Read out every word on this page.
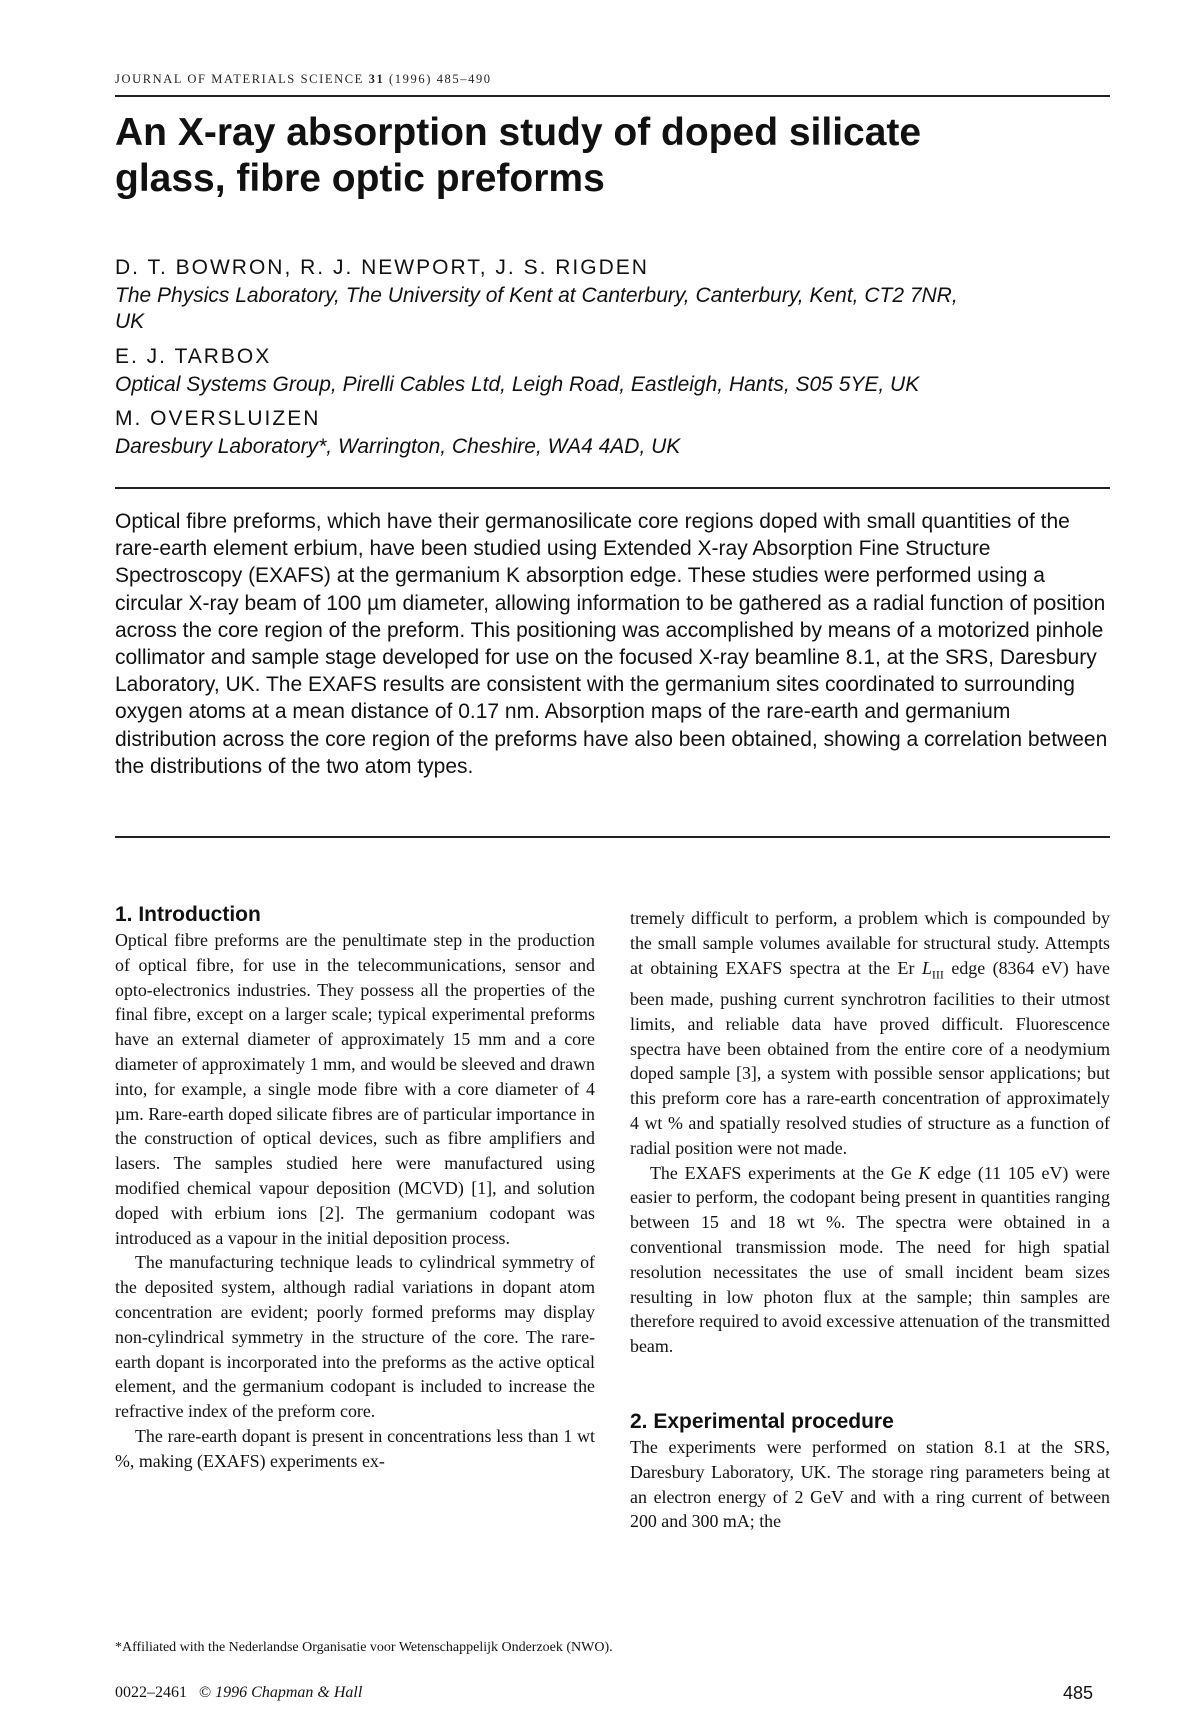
JOURNAL OF MATERIALS SCIENCE 31 (1996) 485–490
An X-ray absorption study of doped silicate
glass, fibre optic preforms
D. T. BOWRON, R. J. NEWPORT, J. S. RIGDEN
The Physics Laboratory, The University of Kent at Canterbury, Canterbury, Kent, CT2 7NR,
UK
E. J. TARBOX
Optical Systems Group, Pirelli Cables Ltd, Leigh Road, Eastleigh, Hants, S05 5YE, UK
M. OVERSLUIZEN
Daresbury Laboratory*, Warrington, Cheshire, WA4 4AD, UK
Optical fibre preforms, which have their germanosilicate core regions doped with small quantities of the rare-earth element erbium, have been studied using Extended X-ray Absorption Fine Structure Spectroscopy (EXAFS) at the germanium K absorption edge. These studies were performed using a circular X-ray beam of 100 µm diameter, allowing information to be gathered as a radial function of position across the core region of the preform. This positioning was accomplished by means of a motorized pinhole collimator and sample stage developed for use on the focused X-ray beamline 8.1, at the SRS, Daresbury Laboratory, UK. The EXAFS results are consistent with the germanium sites coordinated to surrounding oxygen atoms at a mean distance of 0.17 nm. Absorption maps of the rare-earth and germanium distribution across the core region of the preforms have also been obtained, showing a correlation between the distributions of the two atom types.
1. Introduction

Optical fibre preforms are the penultimate step in the production of optical fibre, for use in the telecommunications, sensor and opto-electronics industries. They possess all the properties of the final fibre, except on a larger scale; typical experimental preforms have an external diameter of approximately 15 mm and a core diameter of approximately 1 mm, and would be sleeved and drawn into, for example, a single mode fibre with a core diameter of 4 µm. Rare-earth doped silicate fibres are of particular importance in the construction of optical devices, such as fibre amplifiers and lasers. The samples studied here were manufactured using modified chemical vapour deposition (MCVD) [1], and solution doped with erbium ions [2]. The germanium codopant was introduced as a vapour in the initial deposition process.

The manufacturing technique leads to cylindrical symmetry of the deposited system, although radial variations in dopant atom concentration are evident; poorly formed preforms may display non-cylindrical symmetry in the structure of the core. The rare-earth dopant is incorporated into the preforms as the active optical element, and the germanium codopant is included to increase the refractive index of the preform core.

The rare-earth dopant is present in concentrations less than 1 wt %, making (EXAFS) experiments ex-

tremely difficult to perform, a problem which is compounded by the small sample volumes available for structural study. Attempts at obtaining EXAFS spectra at the Er $L_{III}$ edge (8364 eV) have been made, pushing current synchrotron facilities to their utmost limits, and reliable data have proved difficult. Fluorescence spectra have been obtained from the entire core of a neodymium doped sample [3], a system with possible sensor applications; but this preform core has a rare-earth concentration of approximately 4 wt % and spatially resolved studies of structure as a function of radial position were not made.

The EXAFS experiments at the Ge K edge (11 105 eV) were easier to perform, the codopant being present in quantities ranging between 15 and 18 wt %. The spectra were obtained in a conventional transmission mode. The need for high spatial resolution necessitates the use of small incident beam sizes resulting in low photon flux at the sample; thin samples are therefore required to avoid excessive attenuation of the transmitted beam.

2. Experimental procedure

The experiments were performed on station 8.1 at the SRS, Daresbury Laboratory, UK. The storage ring parameters being at an electron energy of 2 GeV and with a ring current of between 200 and 300 mA; the

*Affiliated with the Nederlandse Organisatie voor Wetenschappelijk Onderzoek (NWO).
0022–2461 © 1996 Chapman & Hall	485
